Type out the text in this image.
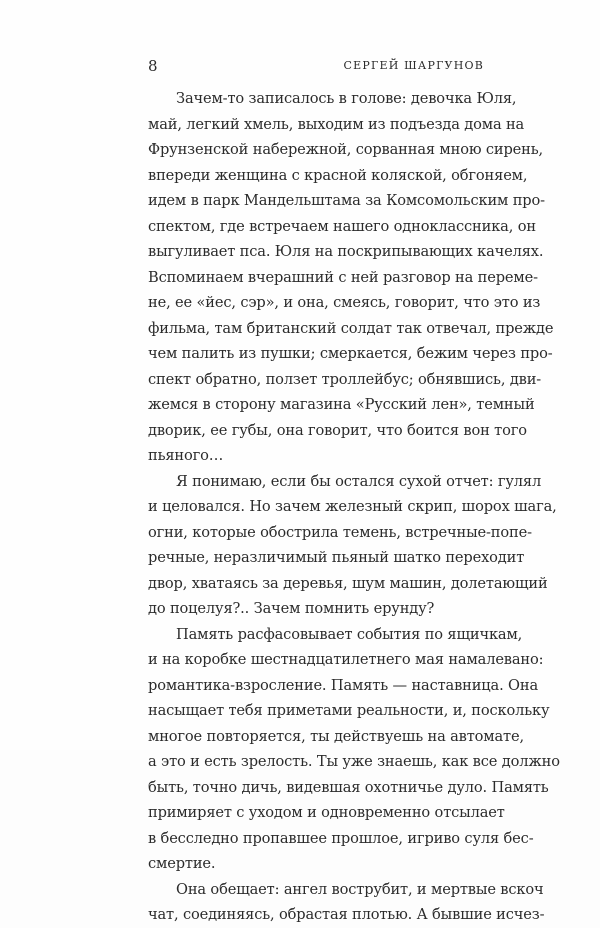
8	СЕРГЕЙ ШАРГУНОВ
Зачем-то записалось в голове: девочка Юля,
май, легкий хмель, выходим из подъезда дома на
Фрунзенской набережной, сорванная мною сирень,
впереди женщина с красной коляской, обгоняем,
идем в парк Мандельштама за Комсомольским про-
спектом, где встречаем нашего одноклассника, он
выгуливает пса. Юля на поскрипывающих качелях.
Вспоминаем вчерашний с ней разговор на переме-
не, ее «йес, сэр», и она, смеясь, говорит, что это из
фильма, там британский солдат так отвечал, прежде
чем палить из пушки; смеркается, бежим через про-
спект обратно, ползет троллейбус; обнявшись, дви-
жемся в сторону магазина «Русский лен», темный
дворик, ее губы, она говорит, что боится вон того
пьяного…
Я понимаю, если бы остался сухой отчет: гулял
и целовался. Но зачем железный скрип, шорох шага,
огни, которые обострила темень, встречные-попе-
речные, неразличимый пьяный шатко переходит
двор, хватаясь за деревья, шум машин, долетающий
до поцелуя?.. Зачем помнить ерунду?
Память расфасовывает события по ящичкам,
и на коробке шестнадцатилетнего мая намалевано:
романтика-взросление. Память — наставница. Она
насыщает тебя приметами реальности, и, поскольку
многое повторяется, ты действуешь на автомате,
а это и есть зрелость. Ты уже знаешь, как все должно
быть, точно дичь, видевшая охотничье дуло. Память
примиряет с уходом и одновременно отсылает
в бесследно пропавшее прошлое, игриво суля бес-
смертие.
Она обещает: ангел вострубит, и мертвые вскоч
чат, соединяясь, обрастая плотью. А бывшие исчез-
